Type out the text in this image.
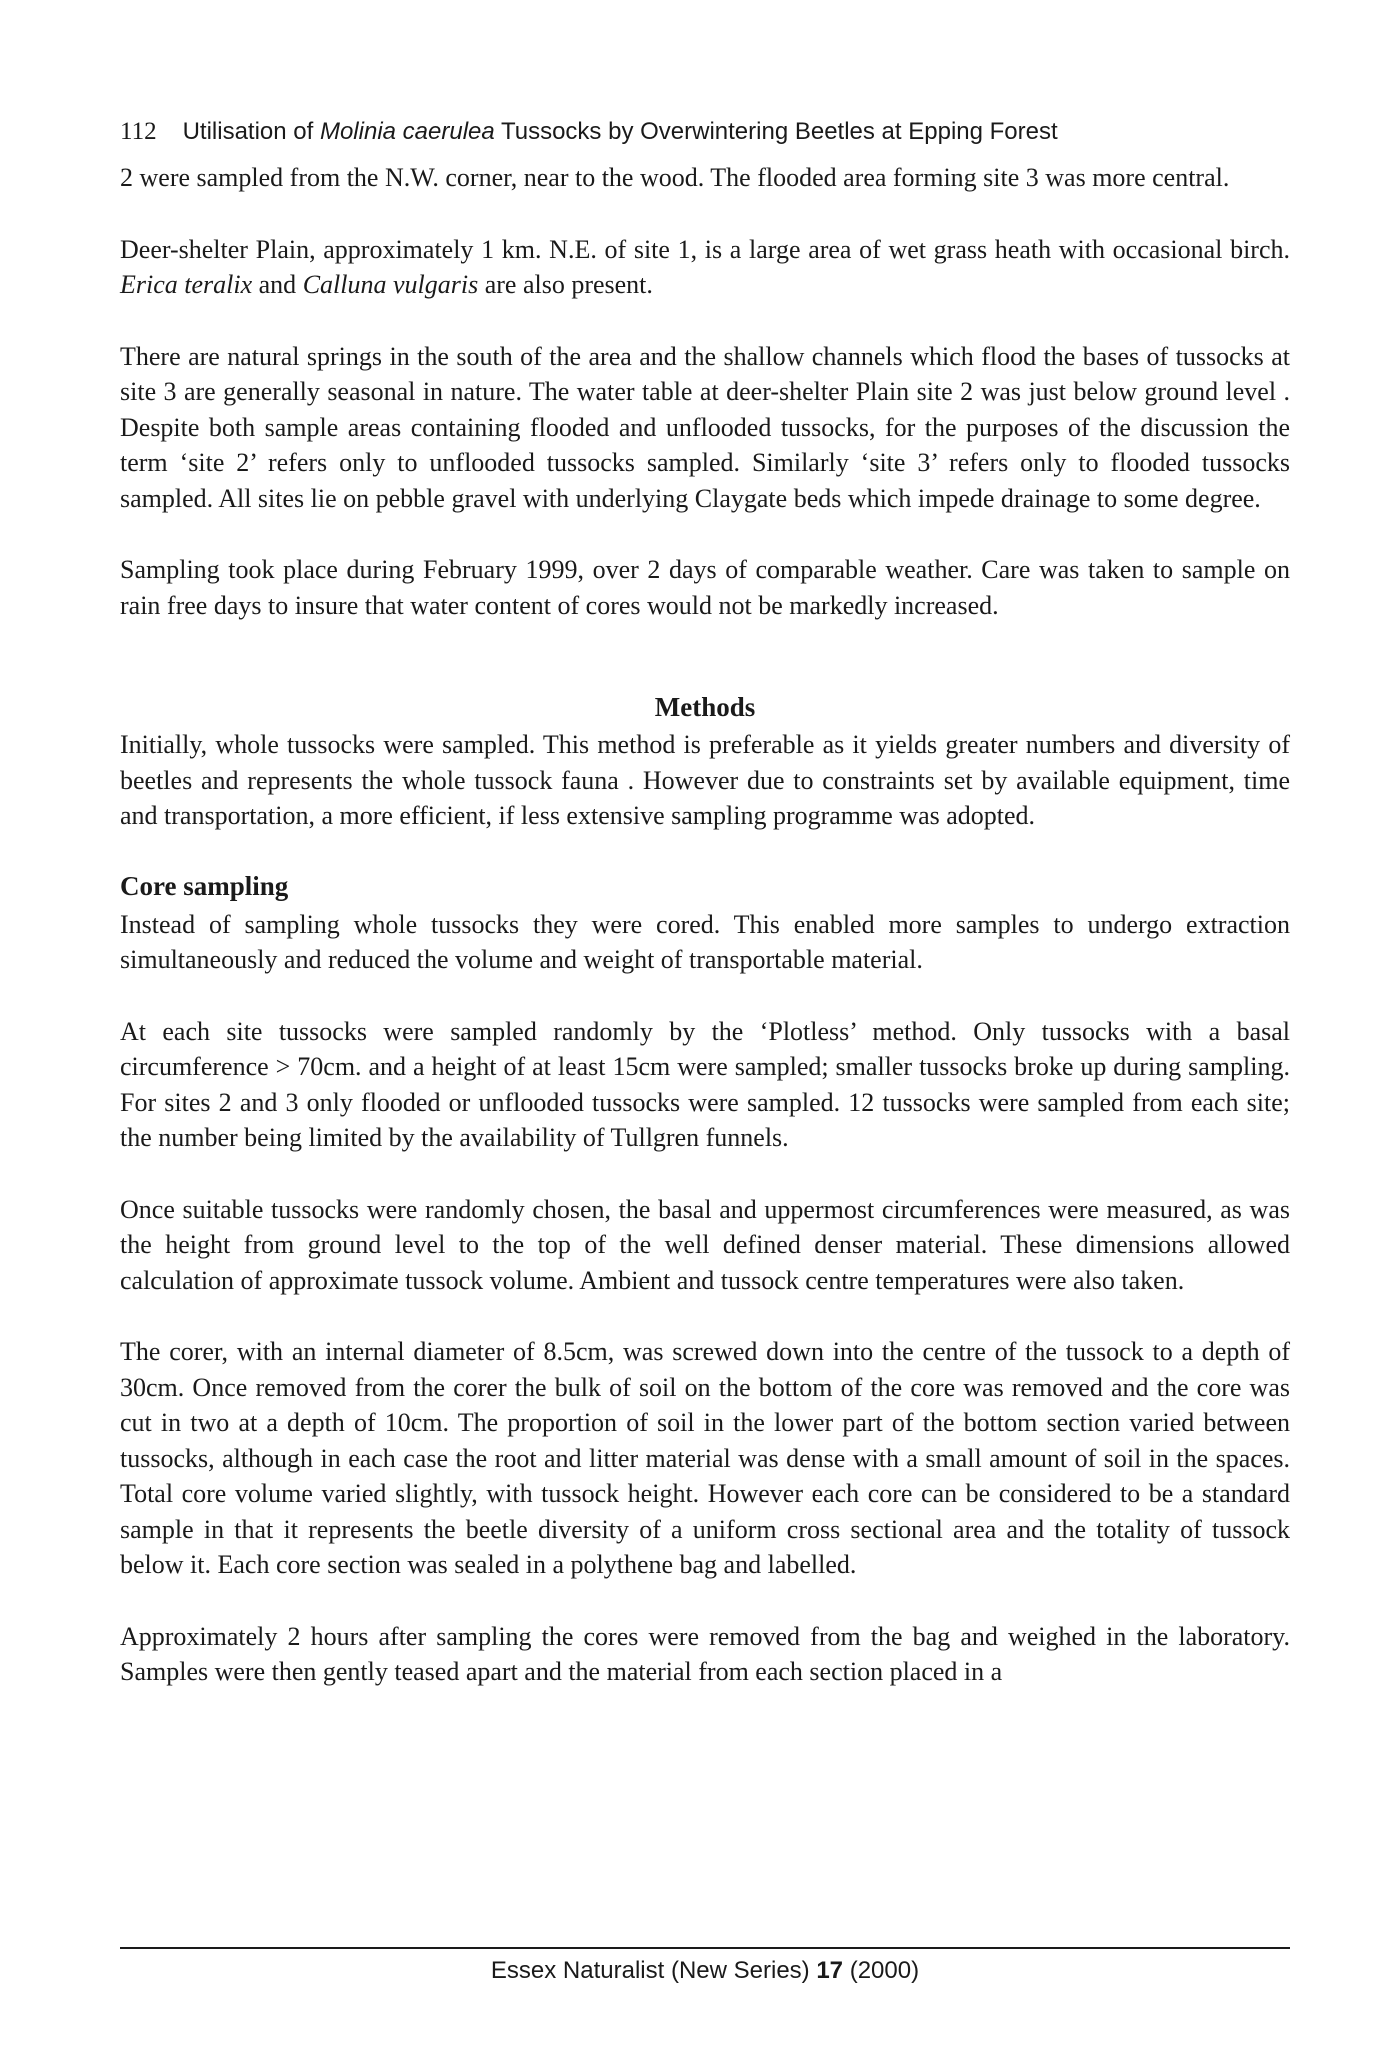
112 Utilisation of Molinia caerulea Tussocks by Overwintering Beetles at Epping Forest

2 were sampled from the N.W. corner, near to the wood. The flooded area forming site 3 was more central.

Deer-shelter Plain, approximately 1 km. N.E. of site 1, is a large area of wet grass heath with occasional birch. Erica teralix and Calluna vulgaris are also present.

There are natural springs in the south of the area and the shallow channels which flood the bases of tussocks at site 3 are generally seasonal in nature. The water table at deer-shelter Plain site 2 was just below ground level . Despite both sample areas containing flooded and unflooded tussocks, for the purposes of the discussion the term ‘site 2’ refers only to unflooded tussocks sampled. Similarly ‘site 3’ refers only to flooded tussocks sampled. All sites lie on pebble gravel with underlying Claygate beds which impede drainage to some degree.

Sampling took place during February 1999, over 2 days of comparable weather. Care was taken to sample on rain free days to insure that water content of cores would not be markedly increased.

Methods

Initially, whole tussocks were sampled. This method is preferable as it yields greater numbers and diversity of beetles and represents the whole tussock fauna . However due to constraints set by available equipment, time and transportation, a more efficient, if less extensive sampling programme was adopted.

Core sampling

Instead of sampling whole tussocks they were cored. This enabled more samples to undergo extraction simultaneously and reduced the volume and weight of transportable material.

At each site tussocks were sampled randomly by the ‘Plotless’ method. Only tussocks with a basal circumference > 70cm. and a height of at least 15cm were sampled; smaller tussocks broke up during sampling. For sites 2 and 3 only flooded or unflooded tussocks were sampled. 12 tussocks were sampled from each site; the number being limited by the availability of Tullgren funnels.

Once suitable tussocks were randomly chosen, the basal and uppermost circumferences were measured, as was the height from ground level to the top of the well defined denser material. These dimensions allowed calculation of approximate tussock volume. Ambient and tussock centre temperatures were also taken.

The corer, with an internal diameter of 8.5cm, was screwed down into the centre of the tussock to a depth of 30cm. Once removed from the corer the bulk of soil on the bottom of the core was removed and the core was cut in two at a depth of 10cm. The proportion of soil in the lower part of the bottom section varied between tussocks, although in each case the root and litter material was dense with a small amount of soil in the spaces. Total core volume varied slightly, with tussock height. However each core can be considered to be a standard sample in that it represents the beetle diversity of a uniform cross sectional area and the totality of tussock below it. Each core section was sealed in a polythene bag and labelled.

Approximately 2 hours after sampling the cores were removed from the bag and weighed in the laboratory. Samples were then gently teased apart and the material from each section placed in a

Essex Naturalist (New Series) 17 (2000)
